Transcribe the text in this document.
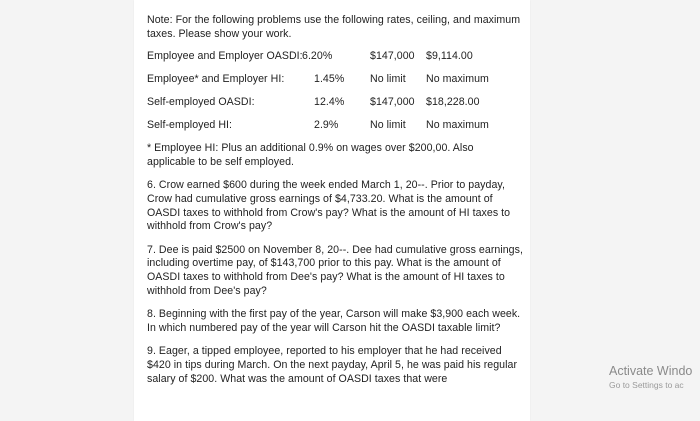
Note: For the following problems use the following rates, ceiling, and maximum taxes. Please show your work.

Employee and Employer OASDI: 6.20%	$147,000 $9,114.00
Employee* and Employer HI:	1.45% No limit No maximum
Self-employed OASDI:	12.4% $147,000 $18,228.00
Self-employed HI:	2.9%	No limit No maximum

* Employee HI: Plus an additional 0.9% on wages over $200,00. Also applicable to be self employed.

6. Crow earned $600 during the week ended March 1, 20--. Prior to payday, Crow had cumulative gross earnings of $4,733.20. What is the amount of OASDI taxes to withhold from Crow's pay? What is the amount of HI taxes to withhold from Crow's pay?

7. Dee is paid $2500 on November 8, 20--. Dee had cumulative gross earnings, including overtime pay, of $143,700 prior to this pay. What is the amount of OASDI taxes to withhold from Dee's pay? What is the amount of HI taxes to withhold from Dee's pay?

8. Beginning with the first pay of the year, Carson will make $3,900 each week. In which numbered pay of the year will Carson hit the OASDI taxable limit?

9. Eager, a tipped employee, reported to his employer that he had received $420 in tips during March. On the next payday, April 5, he was paid his regular salary of $200. What was the amount of OASDI taxes that were

Activate Windo
Go to Settings to ac
